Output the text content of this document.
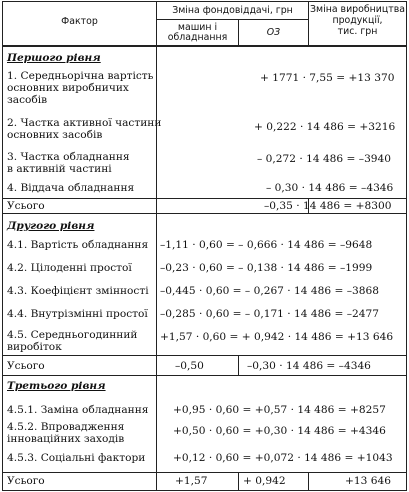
Фактор
Зміна фондовіддачі, грн
машин і
обладнання	ОЗ
Зміна виробництва
продукції,
тис. грн
Першого рівня
1. Середньорічна вартість
основних виробничих
засобів
+ 1771 · 7,55 = +13 370
2. Частка активної частини
основних засобів
+ 0,222 · 14 486 = +3216
3. Частка обладнання
в активній частині
– 0,272 · 14 486 = –3940
4. Віддача обладнання	– 0,30 · 14 486 = –4346
Усього	–0,35 · 14 486 = +8300
Другого рівня
4.1. Вартість обладнання –1,11 · 0,60 = – 0,666 · 14 486 = –9648
4.2. Цілоденні простої	–0,23 · 0,60 = – 0,138 · 14 486 = –1999
4.3. Коефіцієнт змінності –0,445 · 0,60 = – 0,267 · 14 486 = –3868
4.4. Внутрізмінні простої –0,285 · 0,60 = – 0,171 · 14 486 = –2477
4.5. Середньогодинний
виробіток
+1,57 · 0,60 = + 0,942 · 14 486 = +13 646
Усього	–0,50	–0,30 · 14 486 = –4346
Третього рівня
4.5.1. Заміна обладнання +0,95 · 0,60 = +0,57 · 14 486 = +8257
4.5.2. Впровадження
інноваційних заходів
+0,50 · 0,60 = +0,30 · 14 486 = +4346
4.5.3. Соціальні фактори	+0,12 · 0,60 = +0,072 · 14 486 = +1043
Усього	+1,57	+ 0,942	+13 646
